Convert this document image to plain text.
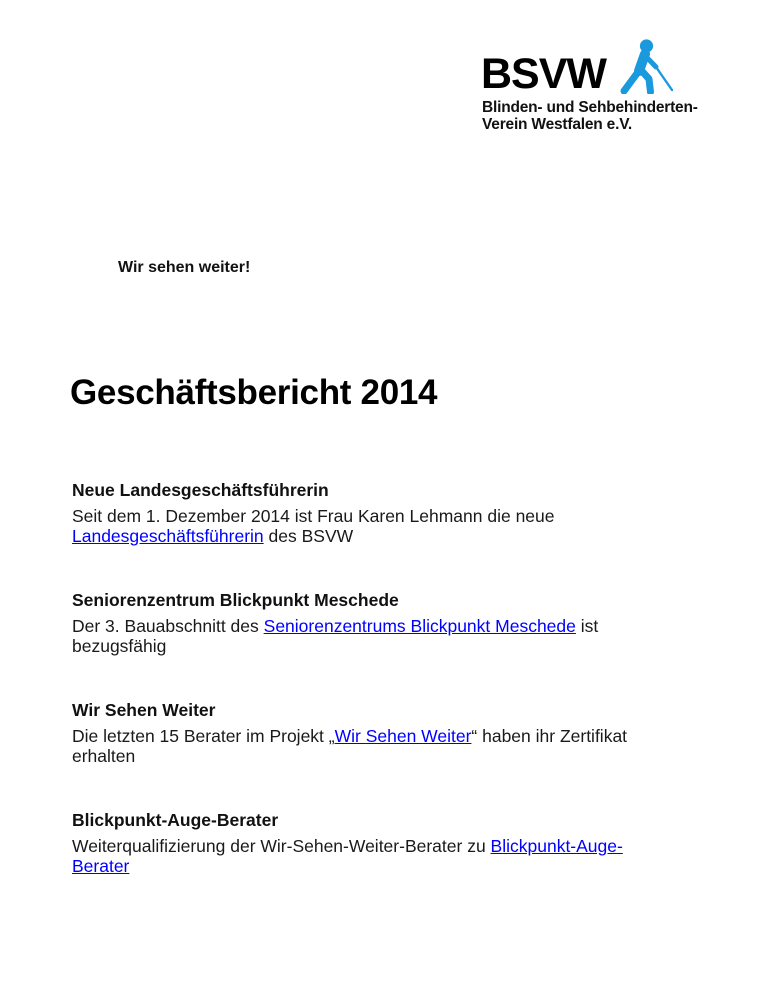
BSVW
Blinden- und Sehbehinderten-
Verein Westfalen e.V.
Wir sehen weiter!
Geschäftsbericht 2014
Neue Landesgeschäftsführerin

Seit dem 1. Dezember 2014 ist Frau Karen Lehmann die neue
Landesgeschäftsführerin des BSVW

Seniorenzentrum Blickpunkt Meschede

Der 3. Bauabschnitt des Seniorenzentrums Blickpunkt Meschede ist
bezugsfähig

Wir Sehen Weiter

Die letzten 15 Berater im Projekt „Wir Sehen Weiter“ haben ihr Zertifikat
erhalten

Blickpunkt-Auge-Berater

Weiterqualifizierung der Wir-Sehen-Weiter-Berater zu Blickpunkt-Auge-
Berater
